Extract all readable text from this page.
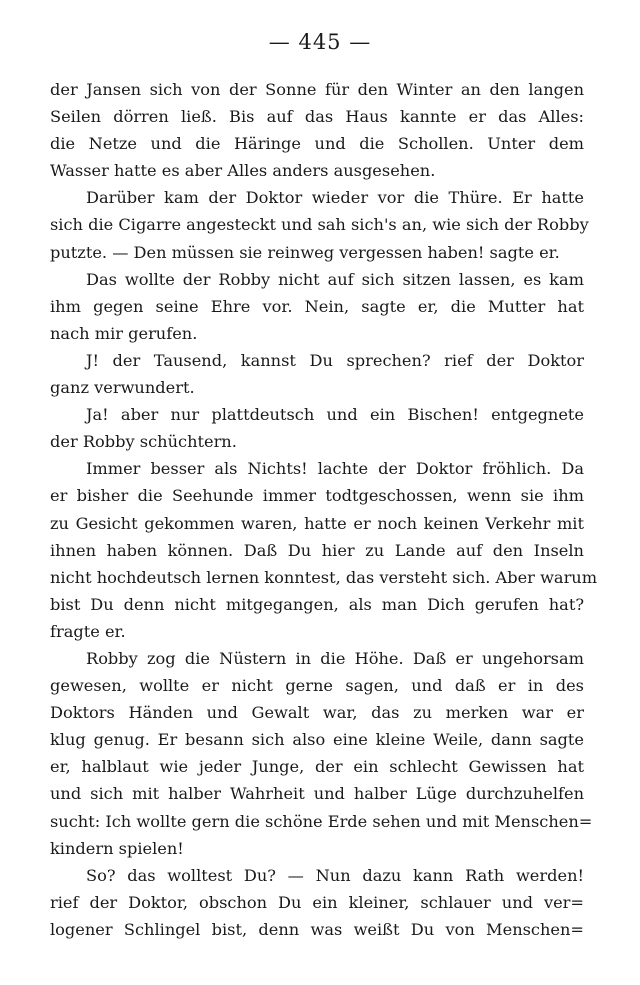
— 445 —
der Jansen sich von der Sonne für den Winter an den langen
Seilen dörren ließ. Bis auf das Haus kannte er das Alles:
die Netze und die Häringe und die Schollen. Unter dem
Wasser hatte es aber Alles anders ausgesehen.
Darüber kam der Doktor wieder vor die Thüre. Er hatte
sich die Cigarre angesteckt und sah sich's an, wie sich der Robby
putzte. — Den müssen sie reinweg vergessen haben! sagte er.
Das wollte der Robby nicht auf sich sitzen lassen, es kam
ihm gegen seine Ehre vor. Nein, sagte er, die Mutter hat
nach mir gerufen.
J! der Tausend, kannst Du sprechen? rief der Doktor
ganz verwundert.
Ja! aber nur plattdeutsch und ein Bischen! entgegnete
der Robby schüchtern.
Immer besser als Nichts! lachte der Doktor fröhlich. Da
er bisher die Seehunde immer todtgeschossen, wenn sie ihm
zu Gesicht gekommen waren, hatte er noch keinen Verkehr mit
ihnen haben können. Daß Du hier zu Lande auf den Inseln
nicht hochdeutsch lernen konntest, das versteht sich. Aber warum
bist Du denn nicht mitgegangen, als man Dich gerufen hat?
fragte er.
Robby zog die Nüstern in die Höhe. Daß er ungehorsam
gewesen, wollte er nicht gerne sagen, und daß er in des
Doktors Händen und Gewalt war, das zu merken war er
klug genug. Er besann sich also eine kleine Weile, dann sagte
er, halblaut wie jeder Junge, der ein schlecht Gewissen hat
und sich mit halber Wahrheit und halber Lüge durchzuhelfen
sucht: Ich wollte gern die schöne Erde sehen und mit Menschen=
kindern spielen!
So? das wolltest Du? — Nun dazu kann Rath werden!
rief der Doktor, obschon Du ein kleiner, schlauer und ver=
logener Schlingel bist, denn was weißt Du von Menschen=
